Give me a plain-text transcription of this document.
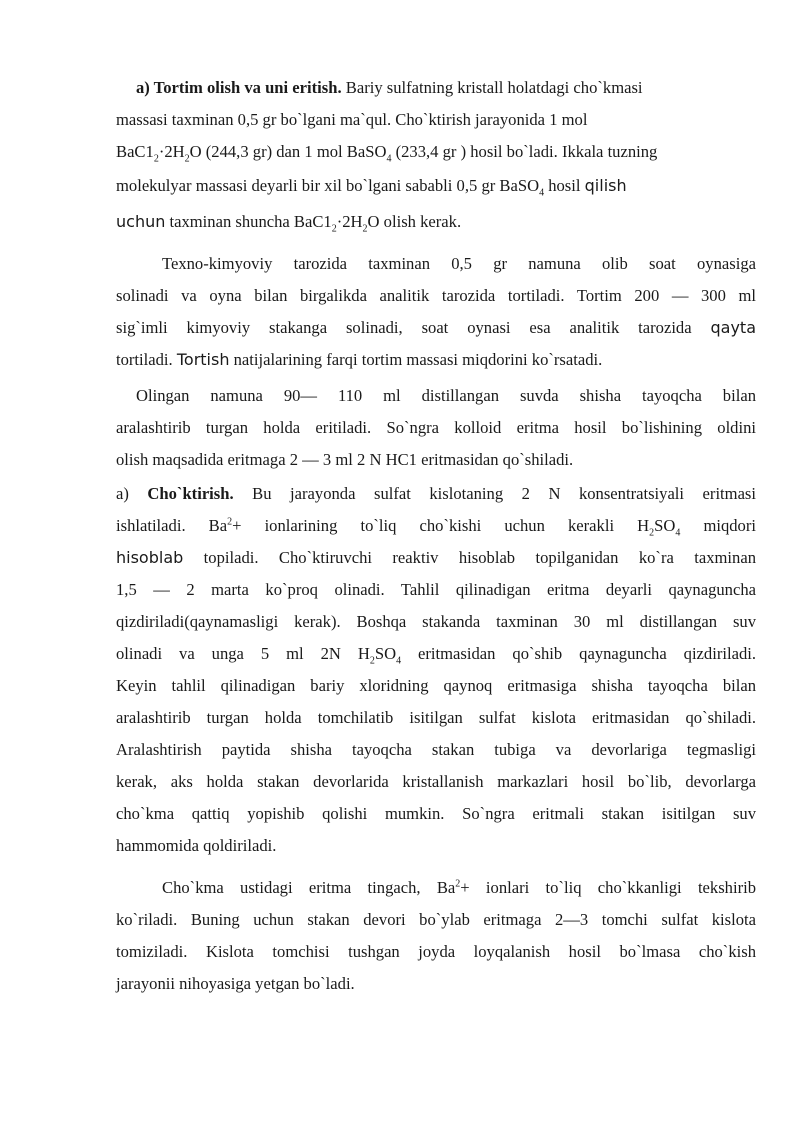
a) Tortim olish va uni eritish. Bariy sulfatning kristall holatdagi cho`kmasi
massasi taxminan 0,5 gr bo`lgani ma`qul. Cho`ktirish jarayonida 1 mol
$BaC1_2\cdot 2H_2O$ (244,3 gr) dan 1 mol BaSO$_4$ (233,4 gr ) hosil bo`ladi. Ikkala tuzning
molekulyar massasi deyarli bir xil bo`lgani sababli 0,5 gr BaSO$_4$ hosil qilish
uchun taxminan shuncha $BaC1_2\cdot 2H_2O$ olish kerak.
Texno-kimyoviy tarozida taxminan 0,5 gr namuna olib soat oynasiga
solinadi va oyna bilan birgalikda analitik tarozida tortiladi. Tortim 200 — 300 ml
sig`imli kimyoviy stakanga solinadi, soat oynasi esa analitik tarozida qayta
tortiladi. Tortish natijalarining farqi tortim massasi miqdorini ko`rsatadi.
Olingan namuna 90— 110 ml distillangan suvda shisha tayoqcha bilan
aralashtirib turgan holda eritiladi. So`ngra kolloid eritma hosil bo`lishining oldini
olish maqsadida eritmaga 2 — 3 ml 2 N HC1 eritmasidan qo`shiladi.
a) Cho`ktirish. Bu jarayonda sulfat kislotaning 2 N konsentratsiyali eritmasi
ishlatiladi. $Ba^2+$ ionlarining to`liq cho`kishi uchun kerakli $H_2SO_4$ miqdori
hisoblab topiladi. Cho`ktiruvchi reaktiv hisoblab topilganidan ko`ra taxminan
1,5 — 2 marta ko`proq olinadi. Tahlil qilinadigan eritma deyarli qaynaguncha
qizdiriladi(qaynamasligi kerak). Boshqa stakanda taxminan 30 ml distillangan suv
olinadi va unga 5 ml 2N $H_2SO_4$ eritmasidan qo`shib qaynaguncha qizdiriladi.
Keyin tahlil qilinadigan bariy xloridning qaynoq eritmasiga shisha tayoqcha bilan
aralashtirib turgan holda tomchilatib isitilgan sulfat kislota eritmasidan qo`shiladi.
Aralashtirish paytida shisha tayoqcha stakan tubiga va devorlariga tegmasligi
kerak, aks holda stakan devorlarida kristallanish markazlari hosil bo`lib, devorlarga
cho`kma qattiq yopishib qolishi mumkin. So`ngra eritmali stakan isitilgan suv
hammomida qoldiriladi.
Cho`kma ustidagi eritma tingach, $Ba^2+$ ionlari to`liq cho`kkanligi tekshirib
ko`riladi. Buning uchun stakan devori bo`ylab eritmaga 2—3 tomchi sulfat kislota
tomiziladi. Kislota tomchisi tushgan joyda loyqalanish hosil bo`lmasa cho`kish
jarayonii nihoyasiga yetgan bo`ladi.
